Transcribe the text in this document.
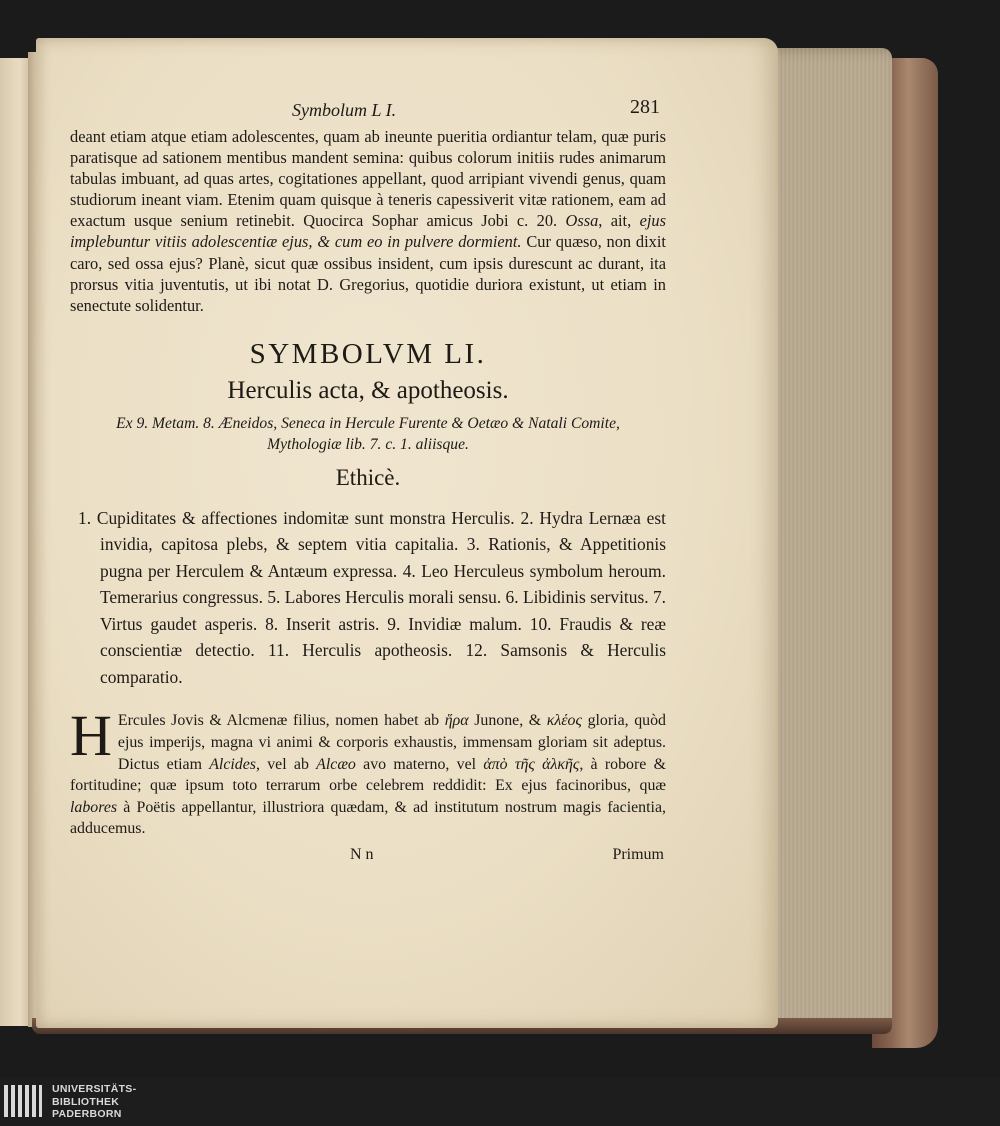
Symbolum L I.	281

deant etiam atque etiam adolescentes, quam ab ineunte pueritia ordiantur telam, quæ puris paratisque ad sationem mentibus mandent semina: quibus colorum initiis rudes animarum tabulas imbuant, ad quas artes, cogitationes appellant, quod arripiant vivendi genus, quam studiorum ineant viam. Etenim quam quisque à teneris capessiverit vitæ rationem, eam ad exactum usque senium retinebit. Quocirca Sophar amicus Jobi c. 20. Ossa, ait, ejus implebuntur vitiis adolescentiæ ejus, & cum eo in pulvere dormient. Cur quæso, non dixit caro, sed ossa ejus? Planè, sicut quæ ossibus insident, cum ipsis durescunt ac durant, ita prorsus vitia juventutis, ut ibi notat D. Gregorius, quotidie duriora existunt, ut etiam in senectute solidentur.

SYMBOLVM LI.
Herculis acta, & apotheosis.
Ex 9. Metam. 8. Æneidos, Seneca in Hercule Furente & Oetæo & Natali Comite, Mythologiæ lib. 7. c. 1. aliisque.
Ethicè.

1. Cupiditates & affectiones indomitæ sunt monstra Herculis. 2. Hydra Lernæa est invidia, capitosa plebs, & septem vitia capitalia. 3. Rationis, & Appetitionis pugna per Herculem & Antæum expressa. 4. Leo Herculeus symbolum heroum. Temerarius congressus. 5. Labores Herculis morali sensu. 6. Libidinis servitus. 7. Virtus gaudet asperis. 8. Inserit astris. 9. Invidiæ malum. 10. Fraudis & reæ conscientiæ detectio. 11. Herculis apotheosis. 12. Samsonis & Herculis comparatio.

H Ercules Jovis & Alcmenæ filius, nomen habet ab ἥρα Junone, & κλέος gloria, quòd ejus imperijs, magna vi animi & corporis exhaustis, immensam gloriam sit adeptus. Dictus etiam Alcides, vel ab Alcæo avo materno, vel ἀπὸ τῆς ἀλκῆς, à robore & fortitudine; quæ ipsum toto terrarum orbe celebrem reddidit: Ex ejus facinoribus, quæ labores à Poëtis appellantur, illustriora quædam, & ad institutum nostrum magis facientia, adducemus.

N n	Primum
UNIVERSITÄTS-
BIBLIOTHEK
PADERBORN
